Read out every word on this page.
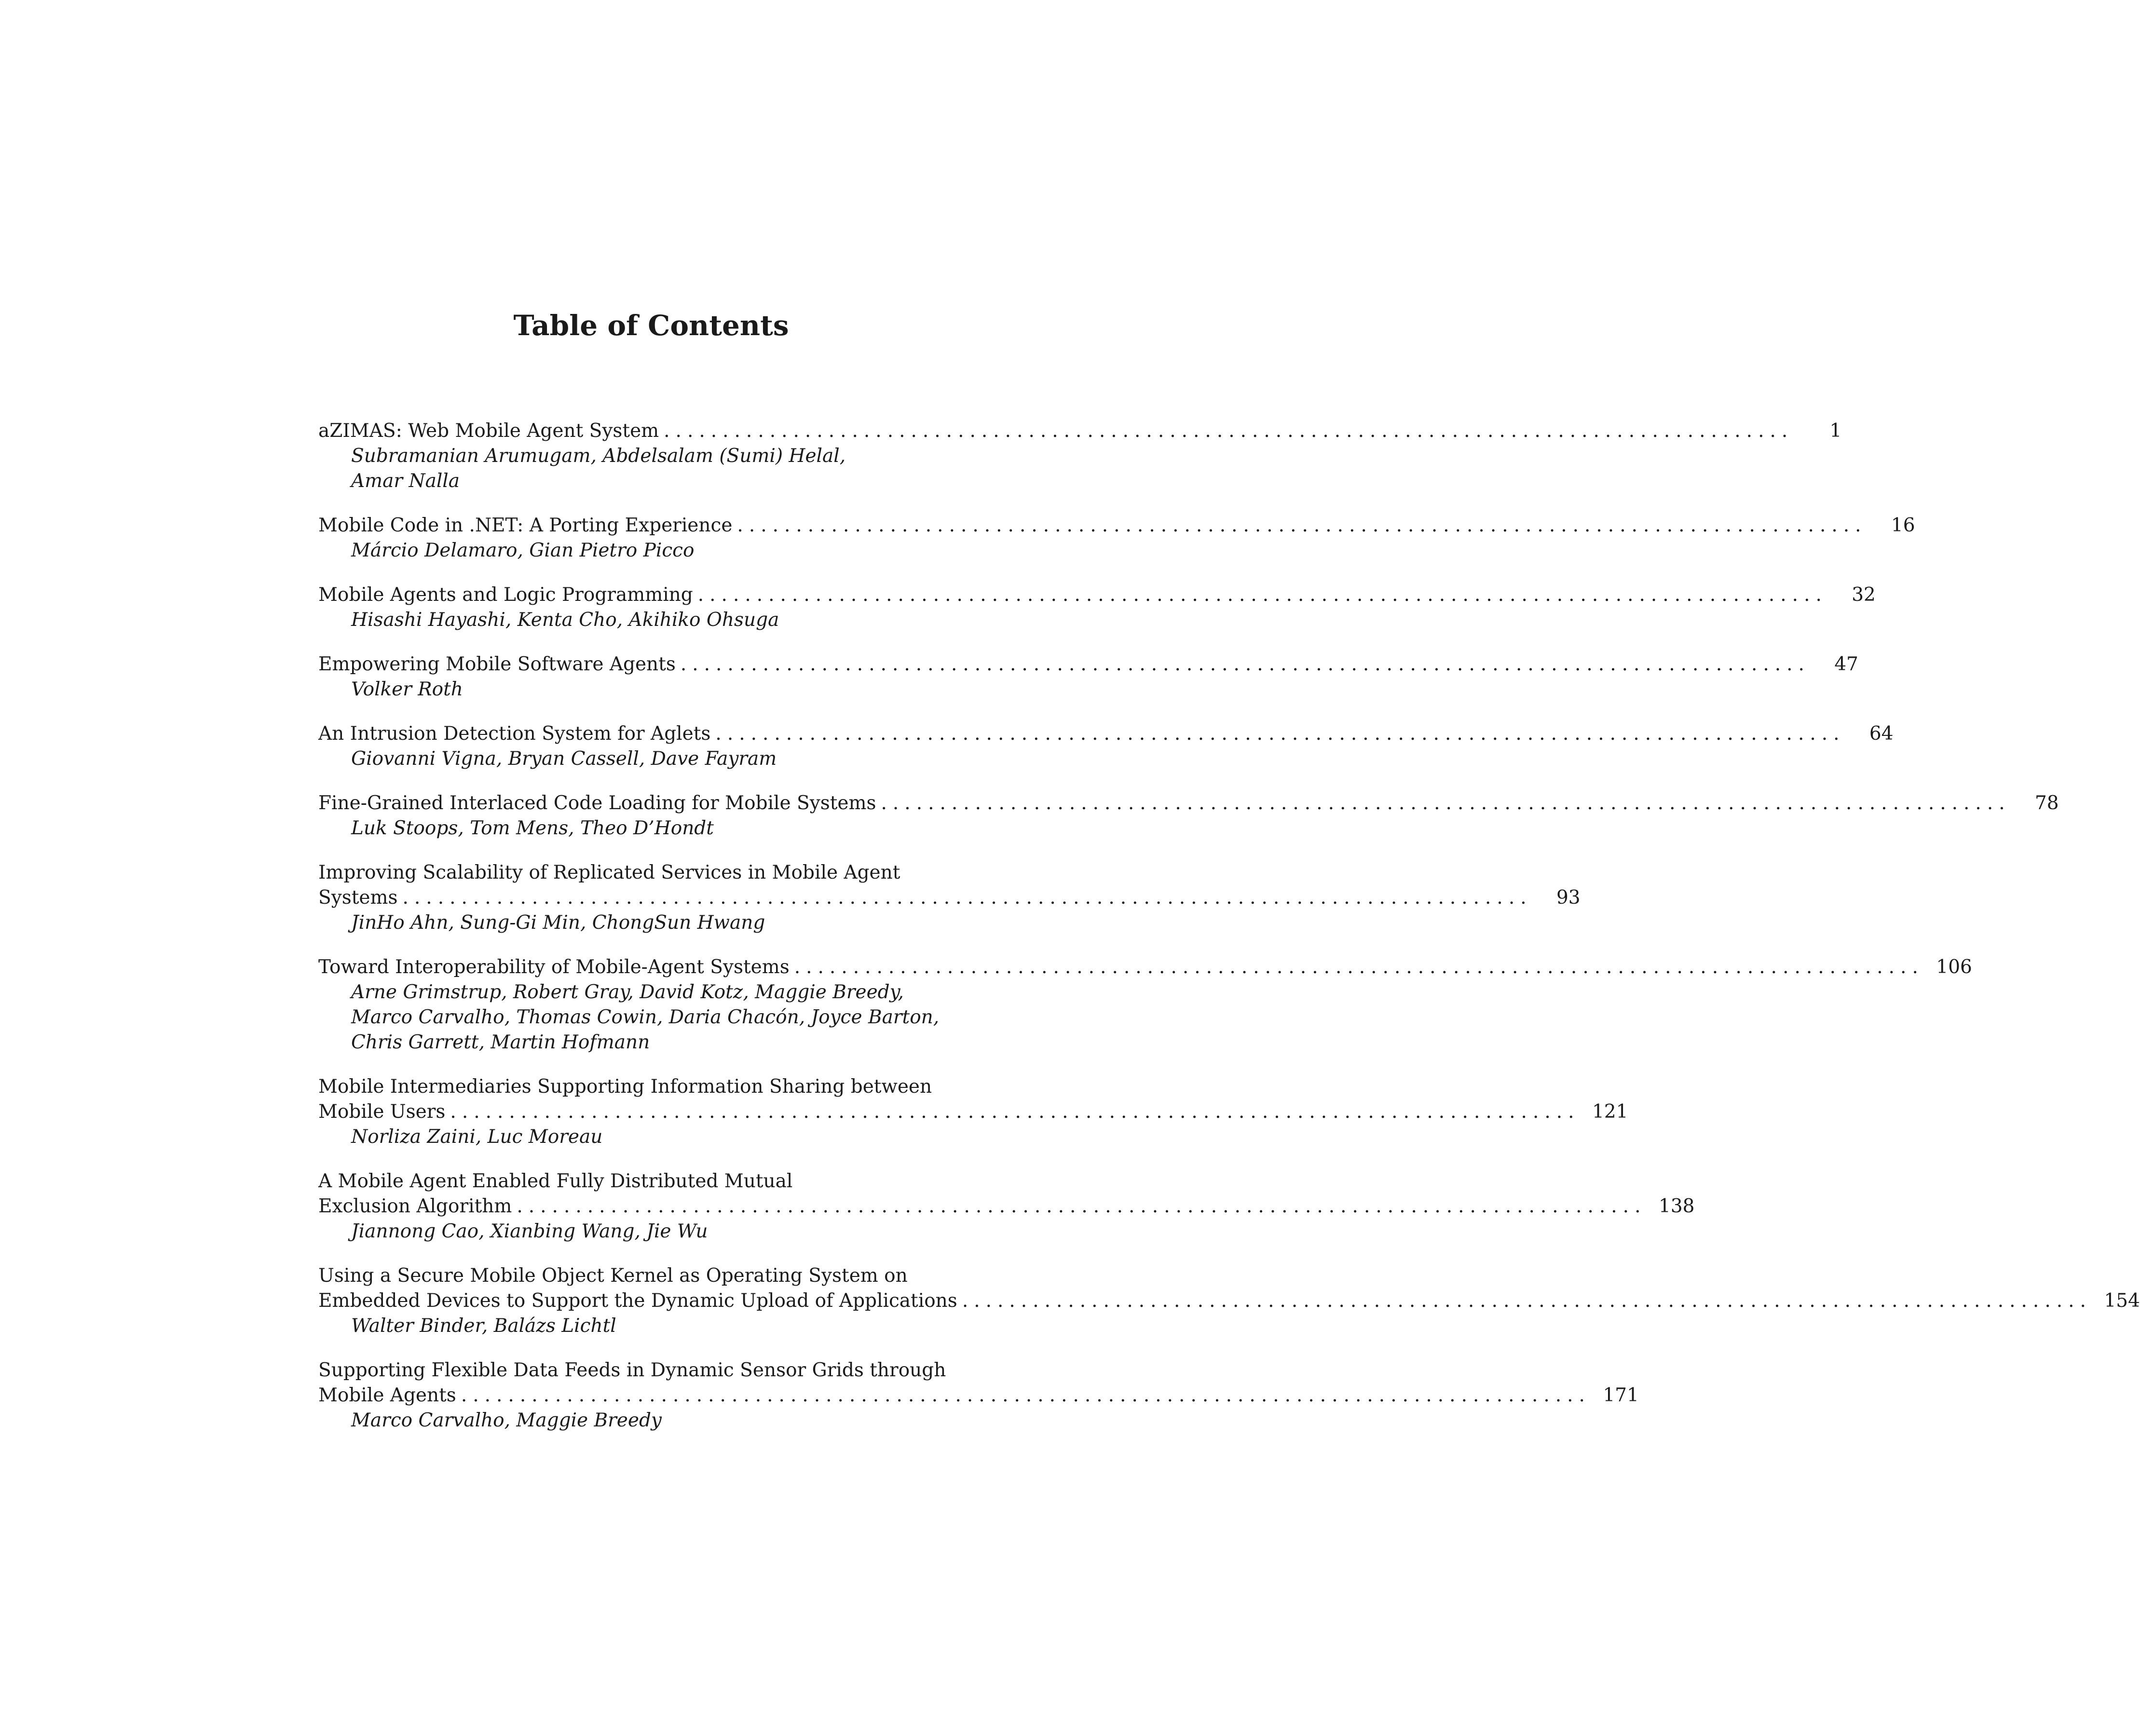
Table of Contents
aZIMAS: Web Mobile Agent System ................................................................................................	1
Subramanian Arumugam, Abdelsalam (Sumi) Helal,
Amar Nalla
Mobile Code in .NET: A Porting Experience ................................................................................................	16
Márcio Delamaro, Gian Pietro Picco
Mobile Agents and Logic Programming ................................................................................................	32
Hisashi Hayashi, Kenta Cho, Akihiko Ohsuga
Empowering Mobile Software Agents ................................................................................................	47
Volker Roth
An Intrusion Detection System for Aglets ................................................................................................	64
Giovanni Vigna, Bryan Cassell, Dave Fayram
Fine-Grained Interlaced Code Loading for Mobile Systems ................................................................................................	78
Luk Stoops, Tom Mens, Theo D’Hondt
Improving Scalability of Replicated Services in Mobile Agent
Systems ................................................................................................	93
JinHo Ahn, Sung-Gi Min, ChongSun Hwang
Toward Interoperability of Mobile-Agent Systems ................................................................................................ 106
Arne Grimstrup, Robert Gray, David Kotz, Maggie Breedy,
Marco Carvalho, Thomas Cowin, Daria Chacón, Joyce Barton,
Chris Garrett, Martin Hofmann
Mobile Intermediaries Supporting Information Sharing between
Mobile Users ................................................................................................ 121
Norliza Zaini, Luc Moreau
A Mobile Agent Enabled Fully Distributed Mutual
Exclusion Algorithm ................................................................................................ 138
Jiannong Cao, Xianbing Wang, Jie Wu
Using a Secure Mobile Object Kernel as Operating System on
Embedded Devices to Support the Dynamic Upload of Applications ................................................................................................ 154
Walter Binder, Balázs Lichtl
Supporting Flexible Data Feeds in Dynamic Sensor Grids through
Mobile Agents ................................................................................................ 171
Marco Carvalho, Maggie Breedy
